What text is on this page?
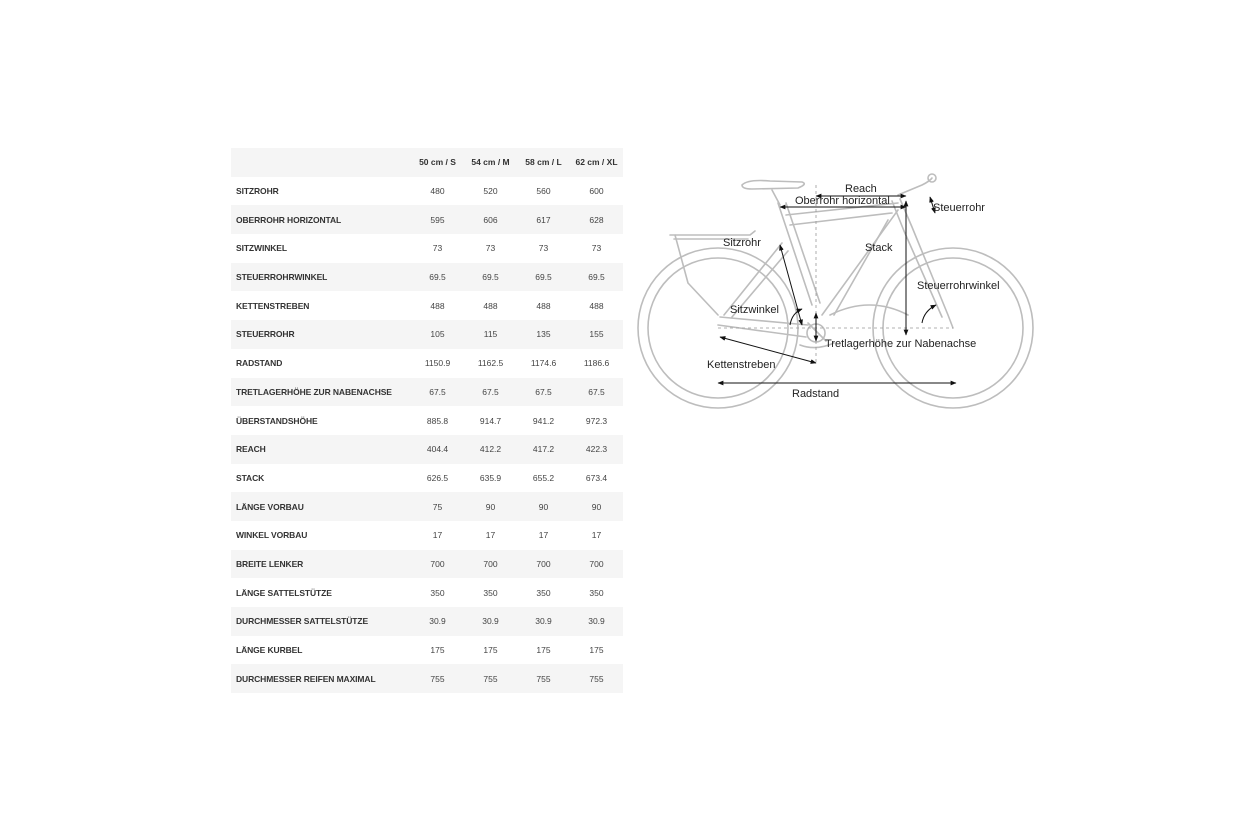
	50 cm / S	54 cm / M	58 cm / L	62 cm / XL
SITZROHR	480	520	560	600
OBERROHR HORIZONTAL	595	606	617	628
SITZWINKEL	73	73	73	73
STEUERROHRWINKEL	69.5	69.5	69.5	69.5
KETTENSTREBEN	488	488	488	488
STEUERROHR	105	115	135	155
RADSTAND	1150.9	1162.5	1174.6	1186.6
TRETLAGERHÖHE ZUR NABENACHSE	67.5	67.5	67.5	67.5
ÜBERSTANDSHÖHE	885.8	914.7	941.2	972.3
REACH	404.4	412.2	417.2	422.3
STACK	626.5	635.9	655.2	673.4
LÄNGE VORBAU	75	90	90	90
WINKEL VORBAU	17	17	17	17
BREITE LENKER	700	700	700	700
LÄNGE SATTELSTÜTZE	350	350	350	350
DURCHMESSER SATTELSTÜTZE	30.9	30.9	30.9	30.9
LÄNGE KURBEL	175	175	175	175
DURCHMESSER REIFEN MAXIMAL	755	755	755	755
Reach
Oberrohr horizontal
Steuerrohr
Sitzrohr	Stack
Steuerrohrwinkel
Sitzwinkel
Tretlagerhöhe zur Nabenachse
Kettenstreben
Radstand
